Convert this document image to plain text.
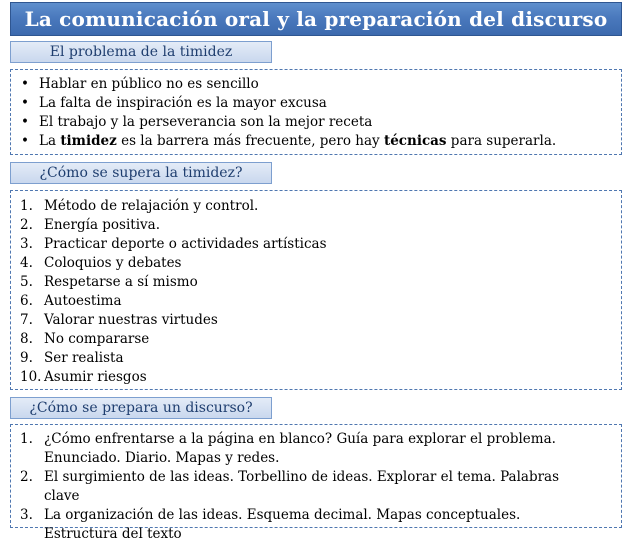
La comunicación oral y la preparación del discurso
El problema de la timidez
• Hablar en público no es sencillo
• La falta de inspiración es la mayor excusa
• El trabajo y la perseverancia son la mejor receta
• La timidez es la barrera más frecuente, pero hay técnicas para superarla.
¿Cómo se supera la timidez?
1. Método de relajación y control.
2. Energía positiva.
3. Practicar deporte o actividades artísticas
4. Coloquios y debates
5. Respetarse a sí mismo
6. Autoestima
7. Valorar nuestras virtudes
8. No compararse
9. Ser realista
10. Asumir riesgos
¿Cómo se prepara un discurso?
1. ¿Cómo enfrentarse a la página en blanco? Guía para explorar el problema. Enunciado. Diario. Mapas y redes.
2. El surgimiento de las ideas. Torbellino de ideas. Explorar el tema. Palabras clave
3. La organización de las ideas. Esquema decimal. Mapas conceptuales. Estructura del texto
